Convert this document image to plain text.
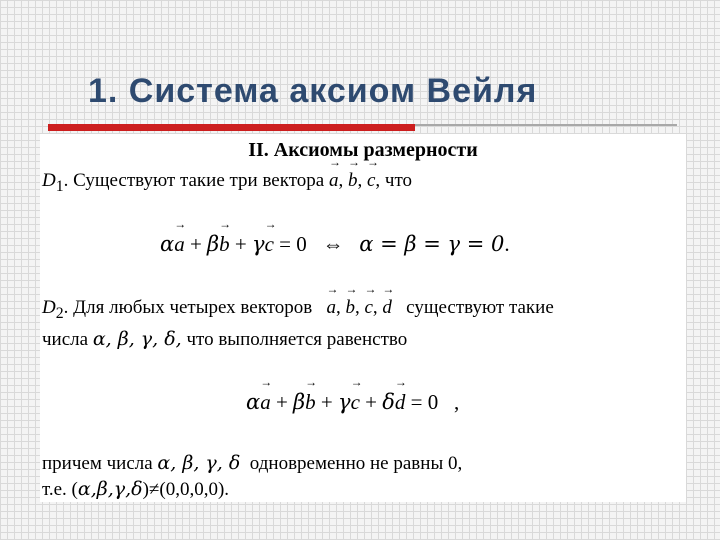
1. Система аксиом Вейля
II. Аксиомы размерности
$D_1$. Существуют такие три вектора → a, → b, → c, что
α→ a + β→ b + γ→ c = 0 ⇔ α = β = γ = 0.
$D_2$. Для любых четырех векторов → a, → b, → c, → d существуют такие
числа α, β, γ, δ, что выполняется равенство
α→ a + β→ b + γ→ c + δ→ d = 0 ,
причем числа α, β, γ, δ одновременно не равны 0,
т.е. (α,β,γ,δ)≠(0,0,0,0).
